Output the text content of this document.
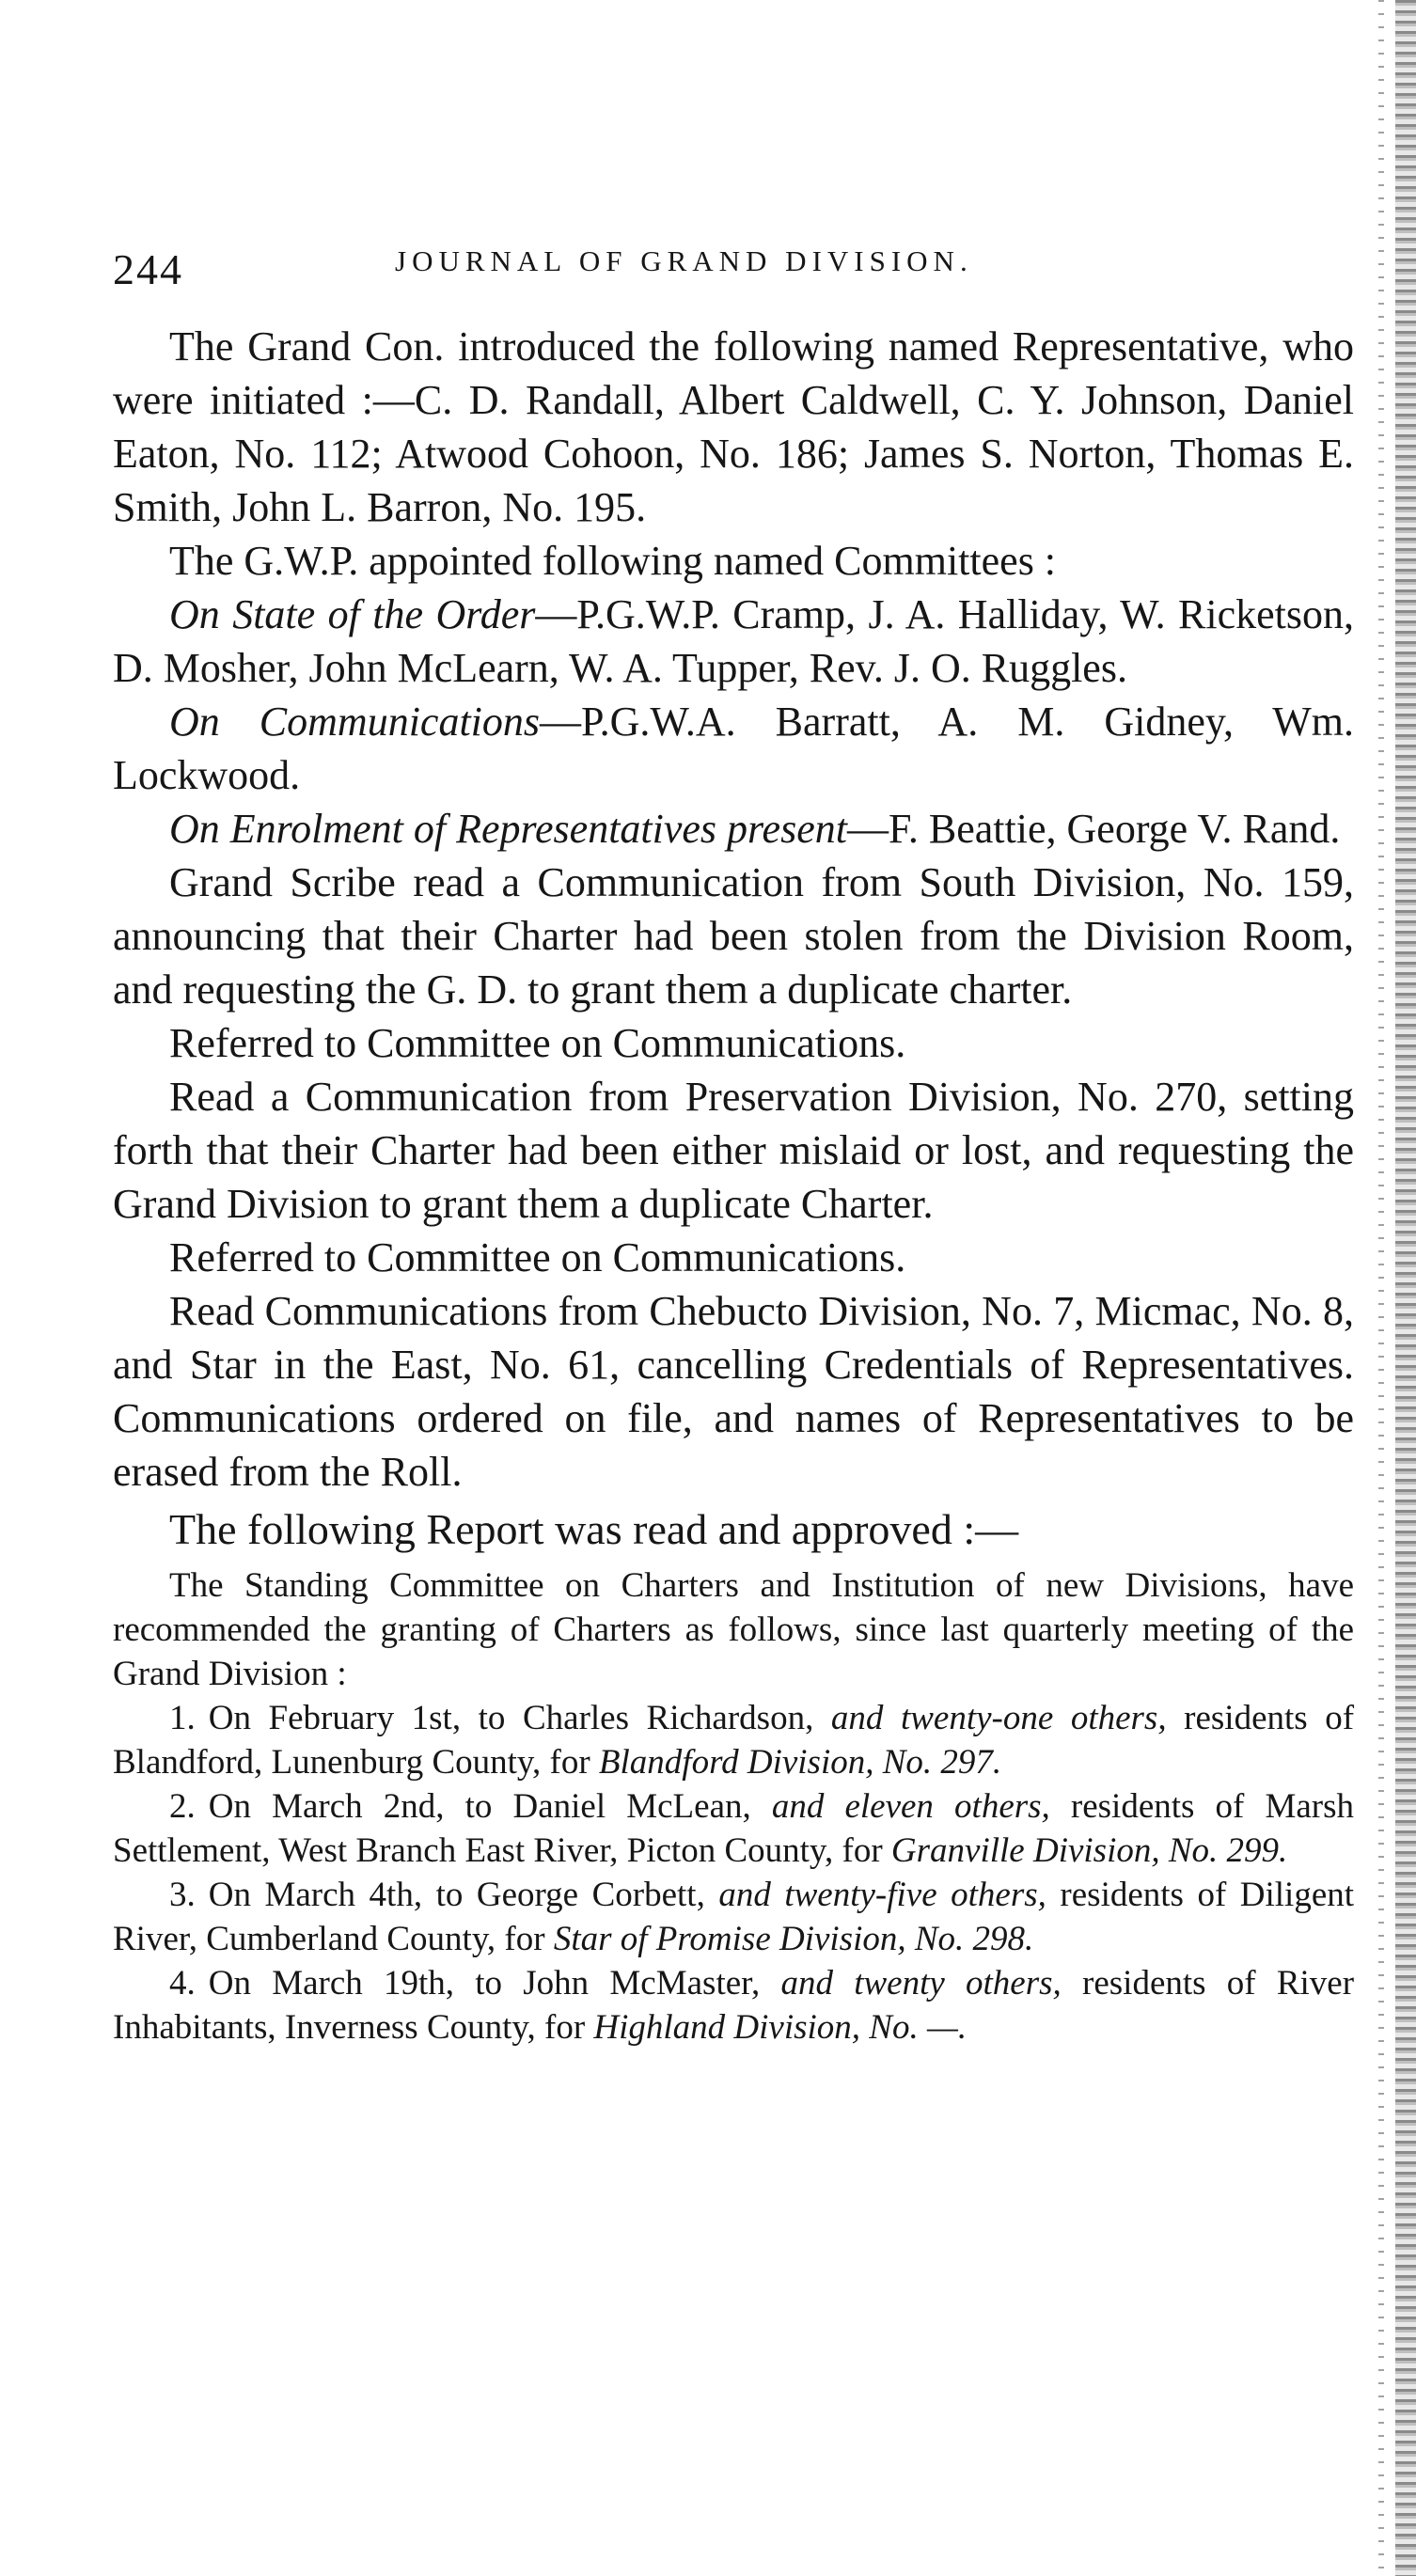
244	JOURNAL OF GRAND DIVISION.

The Grand Con. introduced the following named Representative, who were initiated :—C. D. Randall, Albert Caldwell, C. Y. Johnson, Daniel Eaton, No. 112; Atwood Cohoon, No. 186; James S. Norton, Thomas E. Smith, John L. Barron, No. 195.

The G.W.P. appointed following named Committees :

On State of the Order—P.G.W.P. Cramp, J. A. Halliday, W. Ricketson, D. Mosher, John McLearn, W. A. Tupper, Rev. J. O. Ruggles.

On Communications—P.G.W.A. Barratt, A. M. Gidney, Wm. Lockwood.

On Enrolment of Representatives present—F. Beattie, George V. Rand.

Grand Scribe read a Communication from South Division, No. 159, announcing that their Charter had been stolen from the Division Room, and requesting the G. D. to grant them a duplicate charter.

Referred to Committee on Communications.

Read a Communication from Preservation Division, No. 270, setting forth that their Charter had been either mislaid or lost, and requesting the Grand Division to grant them a duplicate Charter.

Referred to Committee on Communications.

Read Communications from Chebucto Division, No. 7, Micmac, No. 8, and Star in the East, No. 61, cancelling Credentials of Representatives. Communications ordered on file, and names of Representatives to be erased from the Roll.

The following Report was read and approved :—

The Standing Committee on Charters and Institution of new Divisions, have recommended the granting of Charters as follows, since last quarterly meeting of the Grand Division :

1. On February 1st, to Charles Richardson, and twenty-one others, residents of Blandford, Lunenburg County, for Blandford Division, No. 297.

2. On March 2nd, to Daniel McLean, and eleven others, residents of Marsh Settlement, West Branch East River, Picton County, for Granville Division, No. 299.

3. On March 4th, to George Corbett, and twenty-five others, residents of Diligent River, Cumberland County, for Star of Promise Division, No. 298.

4. On March 19th, to John McMaster, and twenty others, residents of River Inhabitants, Inverness County, for Highland Division, No. —.
